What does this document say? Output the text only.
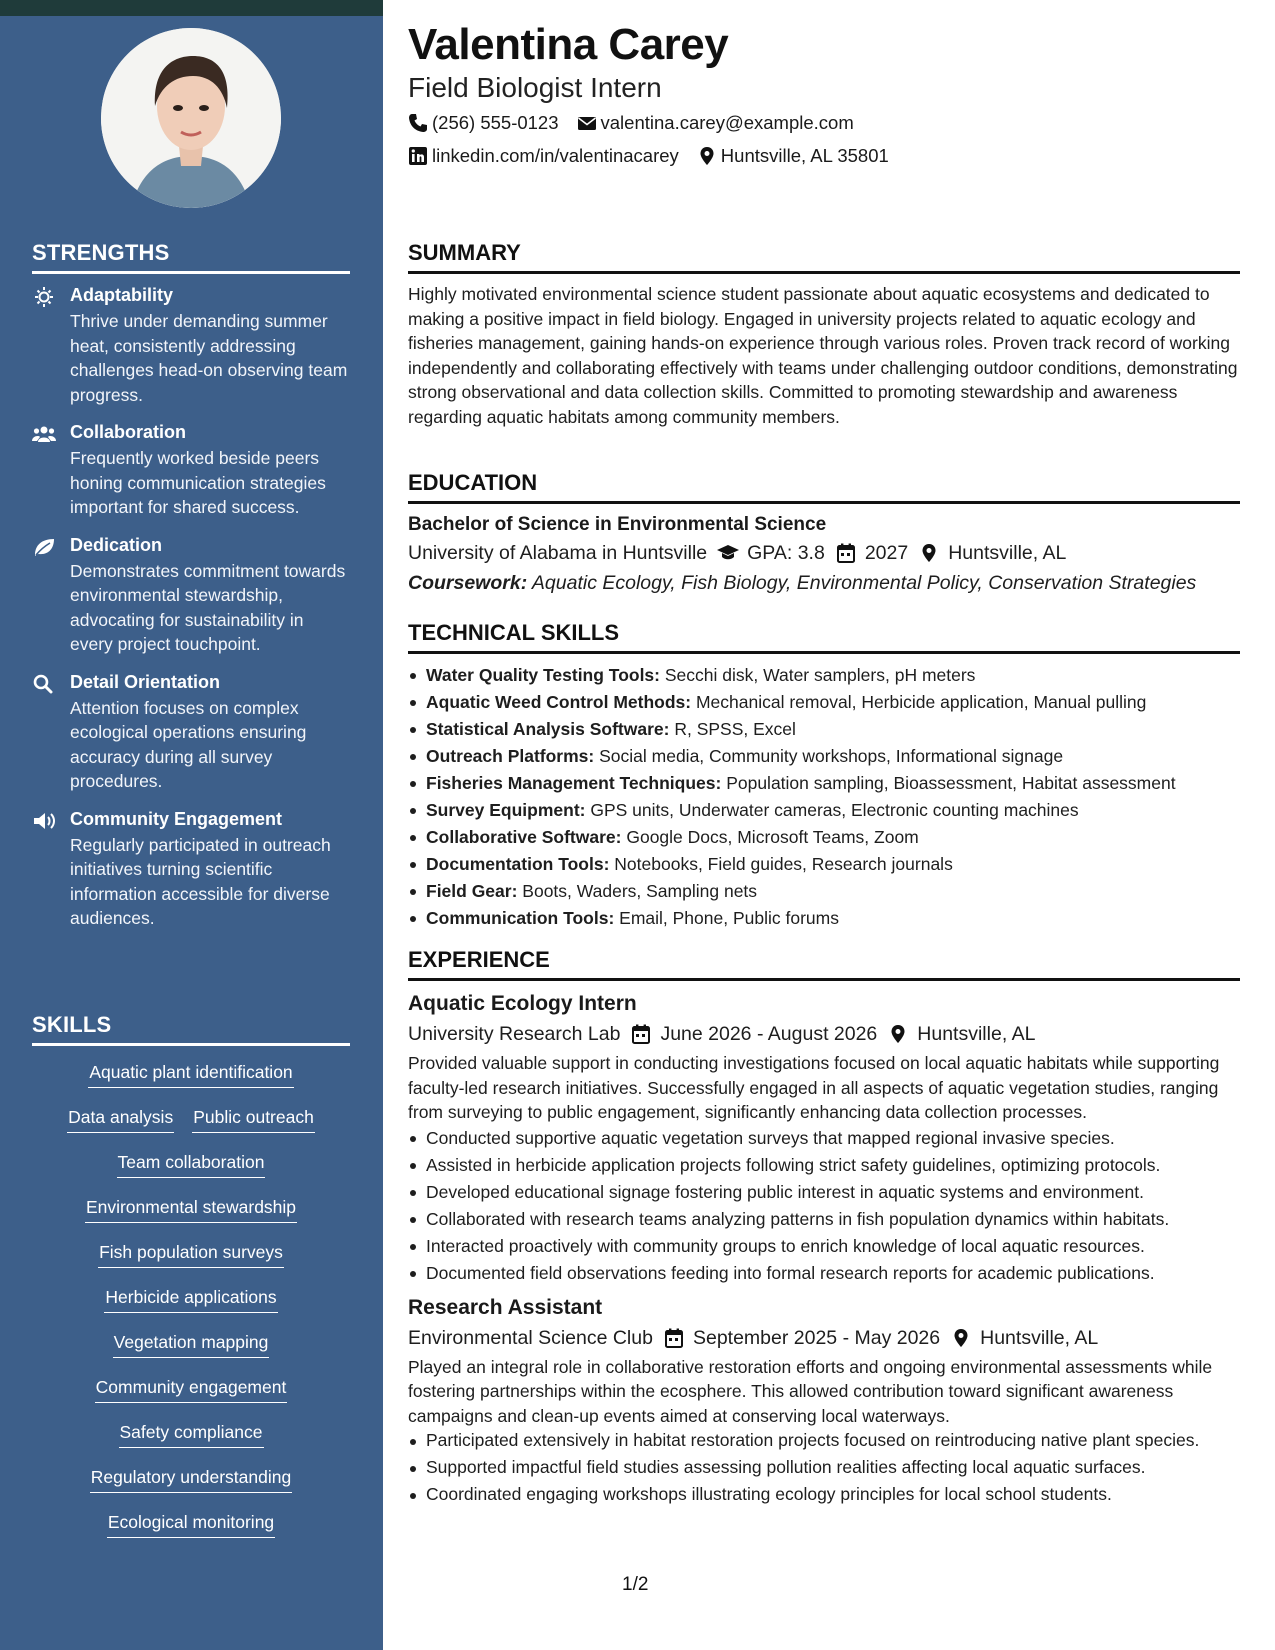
STRENGTHS
Adaptability
Thrive under demanding summer heat, consistently addressing challenges head-on observing team progress.
Collaboration
Frequently worked beside peers honing communication strategies important for shared success.
Dedication
Demonstrates commitment towards environmental stewardship, advocating for sustainability in every project touchpoint.
Detail Orientation
Attention focuses on complex ecological operations ensuring accuracy during all survey procedures.
Community Engagement
Regularly participated in outreach initiatives turning scientific information accessible for diverse audiences.
SKILLS
Aquatic plant identification
Data analysis Public outreach
Team collaboration
Environmental stewardship
Fish population surveys
Herbicide applications
Vegetation mapping
Community engagement
Safety compliance
Regulatory understanding
Ecological monitoring
Valentina Carey
Field Biologist Intern
(256) 555-0123 valentina.carey@example.com
linkedin.com/in/valentinacarey Huntsville, AL 35801
SUMMARY
Highly motivated environmental science student passionate about aquatic ecosystems and dedicated to making a positive impact in field biology. Engaged in university projects related to aquatic ecology and fisheries management, gaining hands-on experience through various roles. Proven track record of working independently and collaborating effectively with teams under challenging outdoor conditions, demonstrating strong observational and data collection skills. Committed to promoting stewardship and awareness regarding aquatic habitats among community members.
EDUCATION
Bachelor of Science in Environmental Science
University of Alabama in Huntsville GPA: 3.8 2027 Huntsville, AL
Coursework: Aquatic Ecology, Fish Biology, Environmental Policy, Conservation Strategies
TECHNICAL SKILLS
Water Quality Testing Tools: Secchi disk, Water samplers, pH meters
Aquatic Weed Control Methods: Mechanical removal, Herbicide application, Manual pulling
Statistical Analysis Software: R, SPSS, Excel
Outreach Platforms: Social media, Community workshops, Informational signage
Fisheries Management Techniques: Population sampling, Bioassessment, Habitat assessment
Survey Equipment: GPS units, Underwater cameras, Electronic counting machines
Collaborative Software: Google Docs, Microsoft Teams, Zoom
Documentation Tools: Notebooks, Field guides, Research journals
Field Gear: Boots, Waders, Sampling nets
Communication Tools: Email, Phone, Public forums
EXPERIENCE
Aquatic Ecology Intern
University Research Lab June 2026 - August 2026 Huntsville, AL
Provided valuable support in conducting investigations focused on local aquatic habitats while supporting faculty-led research initiatives. Successfully engaged in all aspects of aquatic vegetation studies, ranging from surveying to public engagement, significantly enhancing data collection processes.
Conducted supportive aquatic vegetation surveys that mapped regional invasive species.
Assisted in herbicide application projects following strict safety guidelines, optimizing protocols.
Developed educational signage fostering public interest in aquatic systems and environment.
Collaborated with research teams analyzing patterns in fish population dynamics within habitats.
Interacted proactively with community groups to enrich knowledge of local aquatic resources.
Documented field observations feeding into formal research reports for academic publications.
Research Assistant
Environmental Science Club September 2025 - May 2026 Huntsville, AL
Played an integral role in collaborative restoration efforts and ongoing environmental assessments while fostering partnerships within the ecosphere. This allowed contribution toward significant awareness campaigns and clean-up events aimed at conserving local waterways.
Participated extensively in habitat restoration projects focused on reintroducing native plant species.
Supported impactful field studies assessing pollution realities affecting local aquatic surfaces.
Coordinated engaging workshops illustrating ecology principles for local school students.
1/2
